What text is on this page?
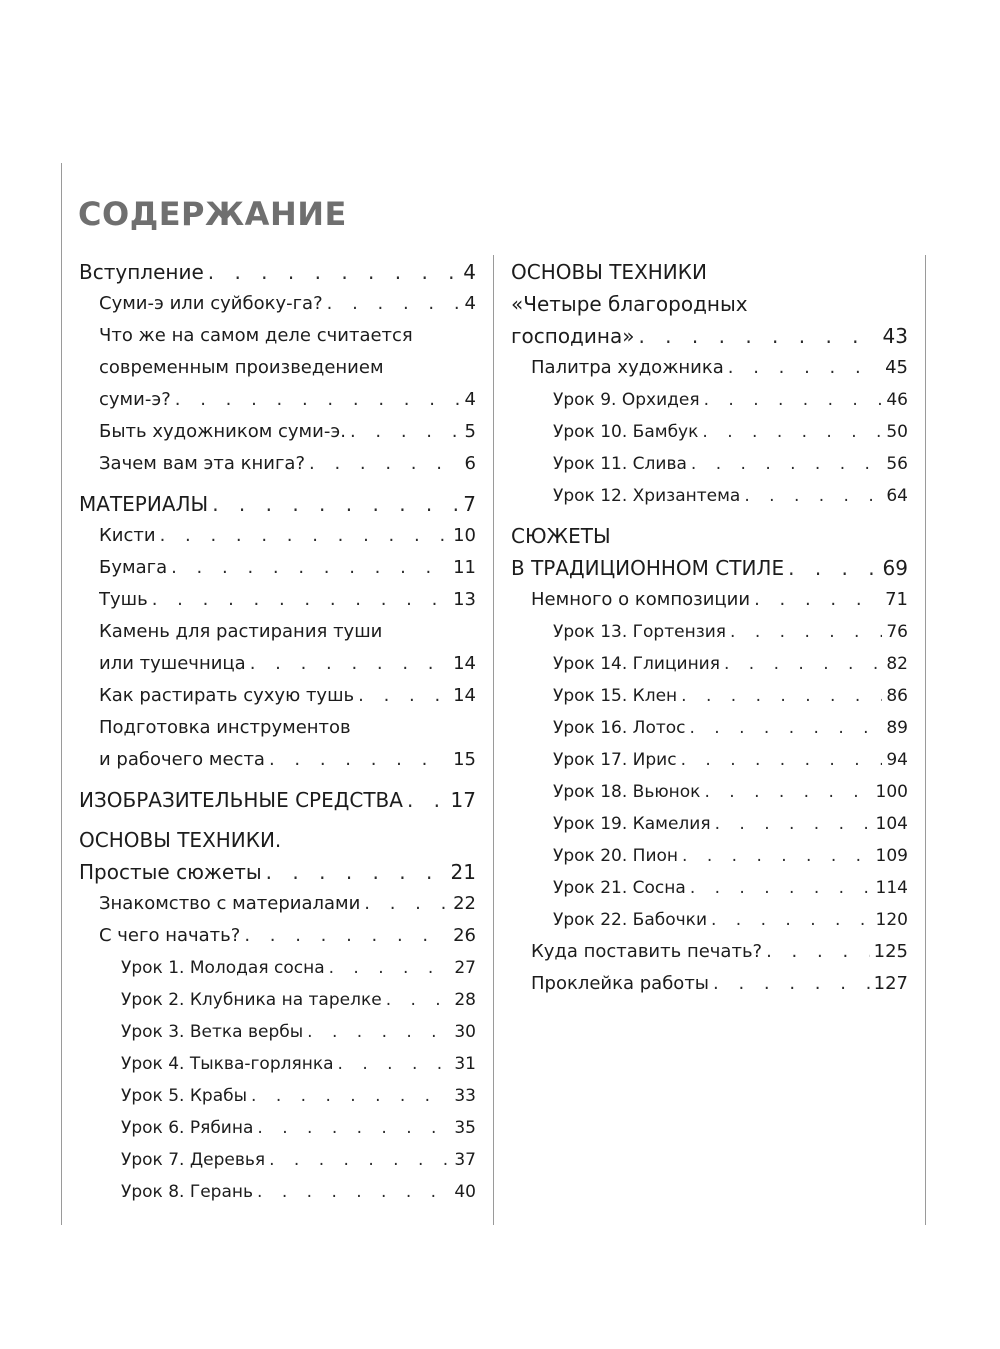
СОДЕРЖАНИЕ
Вступление . . .	4
Суми-э или суйбоку-га? . . .	4
Что же на самом деле считается
современным произведением
суми-э? . . .	4
Быть художником суми-э. . . .	5
Зачем вам эта книга? . . .	6
МАТЕРИАЛЫ . . .	7
Кисти . . .	10
Бумага . . .	11
Тушь . . .	13
Камень для растирания туши
или тушечница . . .	14
Как растирать сухую тушь . . .	14
Подготовка инструментов
и рабочего места . . .	15
ИЗОБРАЗИТЕЛЬНЫЕ СРЕДСТВА . . . 17
ОСНОВЫ ТЕХНИКИ.
Простые сюжеты . . .	21
Знакомство с материалами . . .	22
С чего начать? . . .	26
Урок 1. Молодая сосна . . .	27
Урок 2. Клубника на тарелке . . .	28
Урок 3. Ветка вербы . . .	30
Урок 4. Тыква-горлянка . . .	31
Урок 5. Крабы . . .	33
Урок 6. Рябина . . .	35
Урок 7. Деревья . . .	37
Урок 8. Герань . . .	40
ОСНОВЫ ТЕХНИКИ
«Четыре благородных
господина» . . .	43
Палитра художника . . .	45
Урок 9. Орхидея . . .	46
Урок 10. Бамбук . . .	50
Урок 11. Слива . . .	56
Урок 12. Хризантема . . .	64
СЮЖЕТЫ
В ТРАДИЦИОННОМ СТИЛЕ . . .	69
Немного о композиции . . .	71
Урок 13. Гортензия . . .	76
Урок 14. Глициния . . .	82
Урок 15. Клен . . .	86
Урок 16. Лотос . . .	89
Урок 17. Ирис . . .	94
Урок 18. Вьюнок . . .	100
Урок 19. Камелия . . .	104
Урок 20. Пион . . .	109
Урок 21. Сосна . . .	114
Урок 22. Бабочки . . .	120
Куда поставить печать? . . .	125
Проклейка работы . . .	127
